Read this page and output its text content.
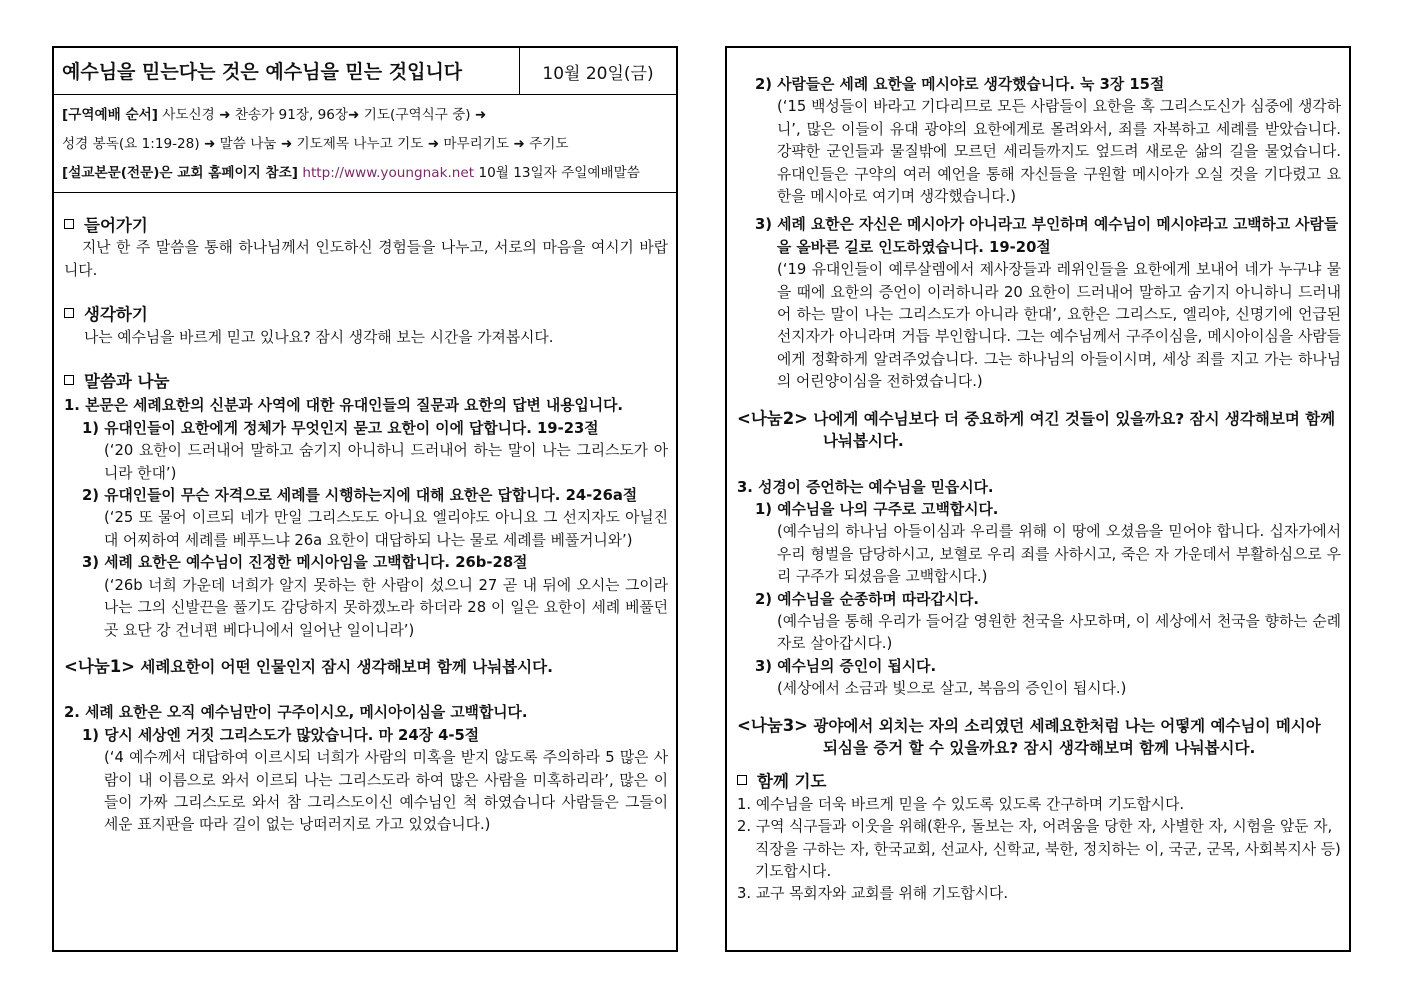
예수님을 믿는다는 것은 예수님을 믿는 것입니다	10월 20일(금)
[구역예배 순서] 사도신경 ➜ 찬송가 91장, 96장➜ 기도(구역식구 중) ➜
성경 봉독(요 1:19-28) ➜ 말씀 나눔 ➜ 기도제목 나누고 기도 ➜ 마무리기도 ➜ 주기도
[설교본문(전문)은 교회 홈페이지 참조] http://www.youngnak.net 10월 13일자 주일예배말씀
들어가기
지난 한 주 말씀을 통해 하나님께서 인도하신 경험들을 나누고, 서로의 마음을 여시기 바랍니다.
생각하기
나는 예수님을 바르게 믿고 있나요? 잠시 생각해 보는 시간을 가져봅시다.
말씀과 나눔
1. 본문은 세례요한의 신분과 사역에 대한 유대인들의 질문과 요한의 답변 내용입니다.
1) 유대인들이 요한에게 정체가 무엇인지 묻고 요한이 이에 답합니다. 19-23절
(‘20 요한이 드러내어 말하고 숨기지 아니하니 드러내어 하는 말이 나는 그리스도가 아니라 한대’)
2) 유대인들이 무슨 자격으로 세례를 시행하는지에 대해 요한은 답합니다. 24-26a절
(‘25 또 물어 이르되 네가 만일 그리스도도 아니요 엘리야도 아니요 그 선지자도 아닐진대 어찌하여 세례를 베푸느냐 26a 요한이 대답하되 나는 물로 세례를 베풀거니와’)
3) 세례 요한은 예수님이 진정한 메시아임을 고백합니다. 26b-28절
(‘26b 너희 가운데 너희가 알지 못하는 한 사람이 섰으니 27 곧 내 뒤에 오시는 그이라 나는 그의 신발끈을 풀기도 감당하지 못하겠노라 하더라 28 이 일은 요한이 세례 베풀던 곳 요단 강 건너편 베다니에서 일어난 일이니라’)
<나눔1> 세례요한이 어떤 인물인지 잠시 생각해보며 함께 나눠봅시다.
2. 세례 요한은 오직 예수님만이 구주이시오, 메시아이심을 고백합니다.
1) 당시 세상엔 거짓 그리스도가 많았습니다. 마 24장 4-5절
(‘4 예수께서 대답하여 이르시되 너희가 사람의 미혹을 받지 않도록 주의하라 5 많은 사람이 내 이름으로 와서 이르되 나는 그리스도라 하여 많은 사람을 미혹하리라’, 많은 이들이 가짜 그리스도로 와서 참 그리스도이신 예수님인 척 하였습니다 사람들은 그들이 세운 표지판을 따라 길이 없는 낭떠러지로 가고 있었습니다.)
2) 사람들은 세례 요한을 메시야로 생각했습니다. 눅 3장 15절
(‘15 백성들이 바라고 기다리므로 모든 사람들이 요한을 혹 그리스도신가 심중에 생각하니’, 많은 이들이 유대 광야의 요한에게로 몰려와서, 죄를 자복하고 세례를 받았습니다. 강퍅한 군인들과 물질밖에 모르던 세리들까지도 엎드려 새로운 삶의 길을 물었습니다. 유대인들은 구약의 여러 예언을 통해 자신들을 구원할 메시아가 오실 것을 기다렸고 요한을 메시아로 여기며 생각했습니다.)
3) 세례 요한은 자신은 메시아가 아니라고 부인하며 예수님이 메시야라고 고백하고 사람들을 올바른 길로 인도하였습니다. 19-20절
(‘19 유대인들이 예루살렘에서 제사장들과 레위인들을 요한에게 보내어 네가 누구냐 물을 때에 요한의 증언이 이러하니라 20 요한이 드러내어 말하고 숨기지 아니하니 드러내어 하는 말이 나는 그리스도가 아니라 한대’, 요한은 그리스도, 엘리야, 신명기에 언급된 선지자가 아니라며 거듭 부인합니다. 그는 예수님께서 구주이심을, 메시아이심을 사람들에게 정확하게 알려주었습니다. 그는 하나님의 아들이시며, 세상 죄를 지고 가는 하나님의 어린양이심을 전하였습니다.)
<나눔2> 나에게 예수님보다 더 중요하게 여긴 것들이 있을까요? 잠시 생각해보며 함께 나눠봅시다.
3. 성경이 증언하는 예수님을 믿읍시다.
1) 예수님을 나의 구주로 고백합시다.
(예수님의 하나님 아들이심과 우리를 위해 이 땅에 오셨음을 믿어야 합니다. 십자가에서 우리 형벌을 담당하시고, 보혈로 우리 죄를 사하시고, 죽은 자 가운데서 부활하심으로 우리 구주가 되셨음을 고백합시다.)
2) 예수님을 순종하며 따라갑시다.
(예수님을 통해 우리가 들어갈 영원한 천국을 사모하며, 이 세상에서 천국을 향하는 순례자로 살아갑시다.)
3) 예수님의 증인이 됩시다.
(세상에서 소금과 빛으로 살고, 복음의 증인이 됩시다.)
<나눔3> 광야에서 외치는 자의 소리였던 세례요한처럼 나는 어떻게 예수님이 메시아 되심을 증거 할 수 있을까요? 잠시 생각해보며 함께 나눠봅시다.
함께 기도
1. 예수님을 더욱 바르게 믿을 수 있도록 있도록 간구하며 기도합시다.
2. 구역 식구들과 이웃을 위해(환우, 돌보는 자, 어려움을 당한 자, 사별한 자, 시험을 앞둔 자, 직장을 구하는 자, 한국교회, 선교사, 신학교, 북한, 정치하는 이, 국군, 군목, 사회복지사 등)기도합시다.
3. 교구 목회자와 교회를 위해 기도합시다.
